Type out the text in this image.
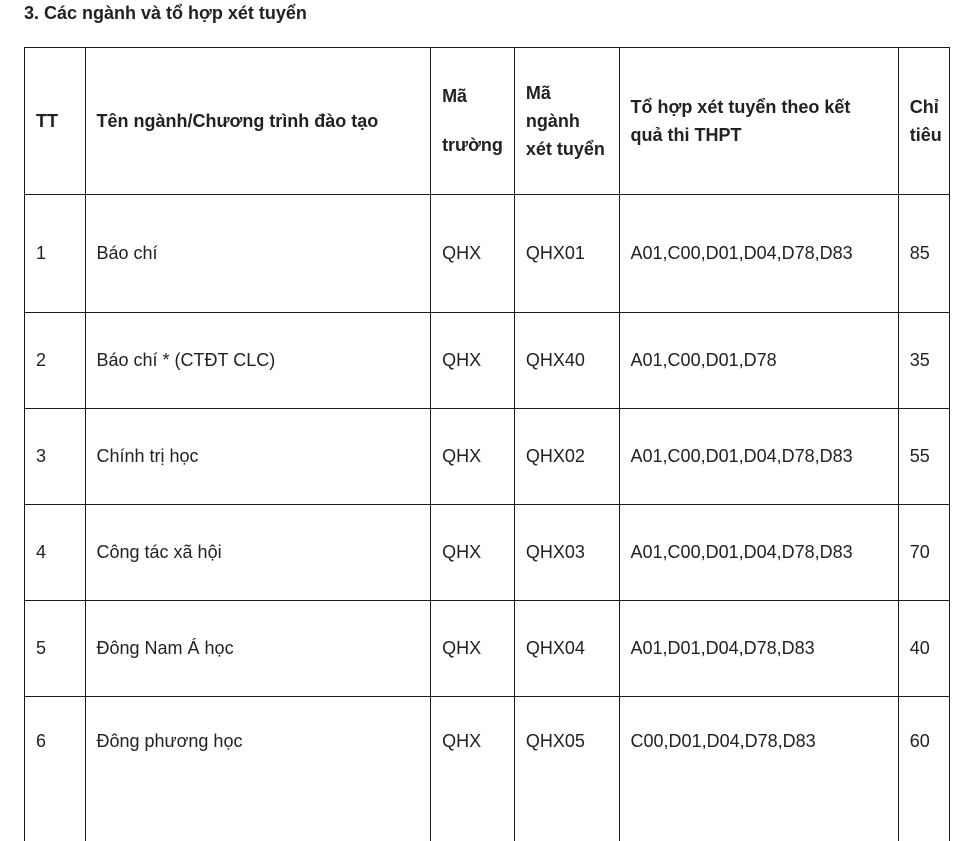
3. Các ngành và tổ hợp xét tuyển
TT	Tên ngành/Chương trình đào tạo	Mã trường	Mã ngành xét tuyển	Tổ hợp xét tuyển theo kết quả thi THPT	Chỉ tiêu
1	Báo chí	QHX	QHX01	A01,C00,D01,D04,D78,D83	85
2	Báo chí * (CTĐT CLC)	QHX	QHX40	A01,C00,D01,D78	35
3	Chính trị học	QHX	QHX02	A01,C00,D01,D04,D78,D83	55
4	Công tác xã hội	QHX	QHX03	A01,C00,D01,D04,D78,D83	70
5	Đông Nam Á học	QHX	QHX04	A01,D01,D04,D78,D83	40
6	Đông phương học	QHX	QHX05	C00,D01,D04,D78,D83	60
